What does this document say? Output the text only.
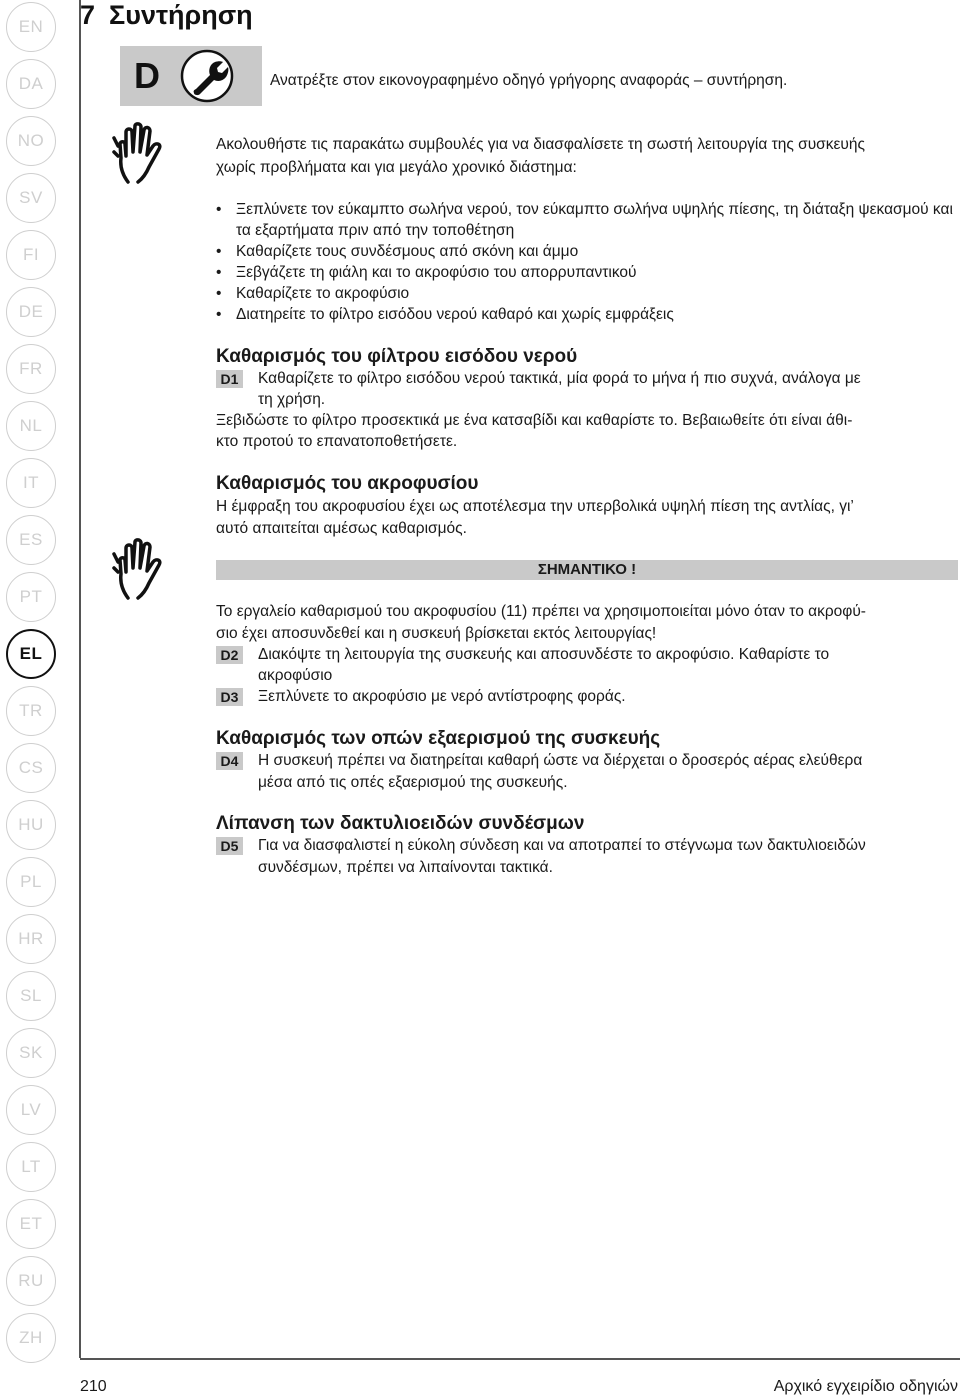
EN
DA
NO
SV
FI
DE
FR
NL
IT
ES
PT
EL
TR
CS
HU
PL
HR
SL
SK
LV
LT
ET
RU
ZH
7 Συντήρηση
D	Ανατρέξτε στον εικονογραφημένο οδηγό γρήγορης αναφοράς – συντήρηση.
Ακολουθήστε τις παρακάτω συμβουλές για να διασφαλίσετε τη σωστή λειτουργία της συσκευής
χωρίς προβλήματα και για μεγάλο χρονικό διάστημα:
• Ξεπλύνετε τον εύκαμπτο σωλήνα νερού, τον εύκαμπτο σωλήνα υψηλής πίεσης, τη διάταξη ψεκασμού και τα εξαρτήματα πριν από την τοποθέτηση
• Καθαρίζετε τους συνδέσμους από σκόνη και άμμο
• Ξεβγάζετε τη φιάλη και το ακροφύσιο του απορρυπαντικού
• Καθαρίζετε το ακροφύσιο
• Διατηρείτε το φίλτρο εισόδου νερού καθαρό και χωρίς εμφράξεις
Καθαρισμός του φίλτρου εισόδου νερού
D1 Καθαρίζετε το φίλτρο εισόδου νερού τακτικά, μία φορά το μήνα ή πιο συχνά, ανάλογα με
τη χρήση.
Ξεβιδώστε το φίλτρο προσεκτικά με ένα κατσαβίδι και καθαρίστε το. Βεβαιωθείτε ότι είναι άθι-
κτο προτού το επανατοποθετήσετε.
Καθαρισμός του ακροφυσίου
Η έμφραξη του ακροφυσίου έχει ως αποτέλεσμα την υπερβολικά υψηλή πίεση της αντλίας, γι’
αυτό απαιτείται αμέσως καθαρισμός.
ΣΗΜΑΝΤΙΚΟ !
Το εργαλείο καθαρισμού του ακροφυσίου (11) πρέπει να χρησιμοποιείται μόνο όταν το ακροφύ-
σιο έχει αποσυνδεθεί και η συσκευή βρίσκεται εκτός λειτουργίας!
D2 Διακόψτε τη λειτουργία της συσκευής και αποσυνδέστε το ακροφύσιο. Καθαρίστε το
ακροφύσιο
D3 Ξεπλύνετε το ακροφύσιο με νερό αντίστροφης φοράς.
Καθαρισμός των οπών εξαερισμού της συσκευής
D4 Η συσκευή πρέπει να διατηρείται καθαρή ώστε να διέρχεται ο δροσερός αέρας ελεύθερα
μέσα από τις οπές εξαερισμού της συσκευής.
Λίπανση των δακτυλιοειδών συνδέσμων
D5 Για να διασφαλιστεί η εύκολη σύνδεση και να αποτραπεί το στέγνωμα των δακτυλιοειδών
συνδέσμων, πρέπει να λιπαίνονται τακτικά.
210	Αρχικό εγχειρίδιο οδηγιών
